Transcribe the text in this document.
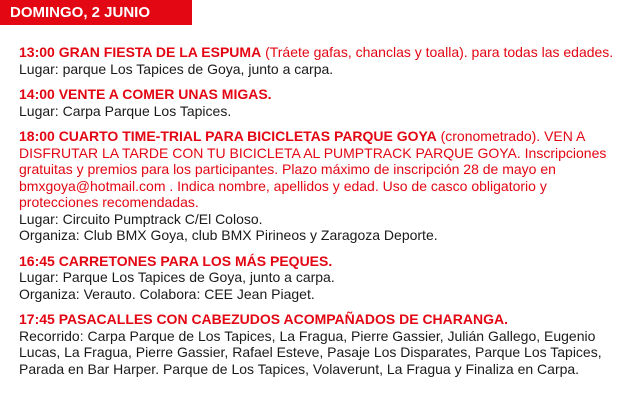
DOMINGO, 2 JUNIO

13:00 GRAN FIESTA DE LA ESPUMA (Tráete gafas, chanclas y toalla). para todas las edades.

Lugar: parque Los Tapices de Goya, junto a carpa.

14:00 VENTE A COMER UNAS MIGAS.

Lugar: Carpa Parque Los Tapices.

18:00 CUARTO TIME-TRIAL PARA BICICLETAS PARQUE GOYA (cronometrado). VEN A DISFRUTAR LA TARDE CON TU BICICLETA AL PUMPTRACK PARQUE GOYA. Inscripciones gratuitas y premios para los participantes. Plazo máximo de inscripción 28 de mayo en bmxgoya@hotmail.com . Indica nombre, apellidos y edad. Uso de casco obligatorio y protecciones recomendadas.

Lugar: Circuito Pumptrack C/El Coloso.

Organiza: Club BMX Goya, club BMX Pirineos y Zaragoza Deporte.

16:45 CARRETONES PARA LOS MÁS PEQUES.

Lugar: Parque Los Tapices de Goya, junto a carpa.

Organiza: Verauto. Colabora: CEE Jean Piaget.

17:45 PASACALLES CON CABEZUDOS ACOMPAÑADOS DE CHARANGA.

Recorrido: Carpa Parque de Los Tapices, La Fragua, Pierre Gassier, Julián Gallego, Eugenio Lucas, La Fragua, Pierre Gassier, Rafael Esteve, Pasaje Los Disparates, Parque Los Tapices, Parada en Bar Harper. Parque de Los Tapices, Volaverunt, La Fragua y Finaliza en Carpa.
